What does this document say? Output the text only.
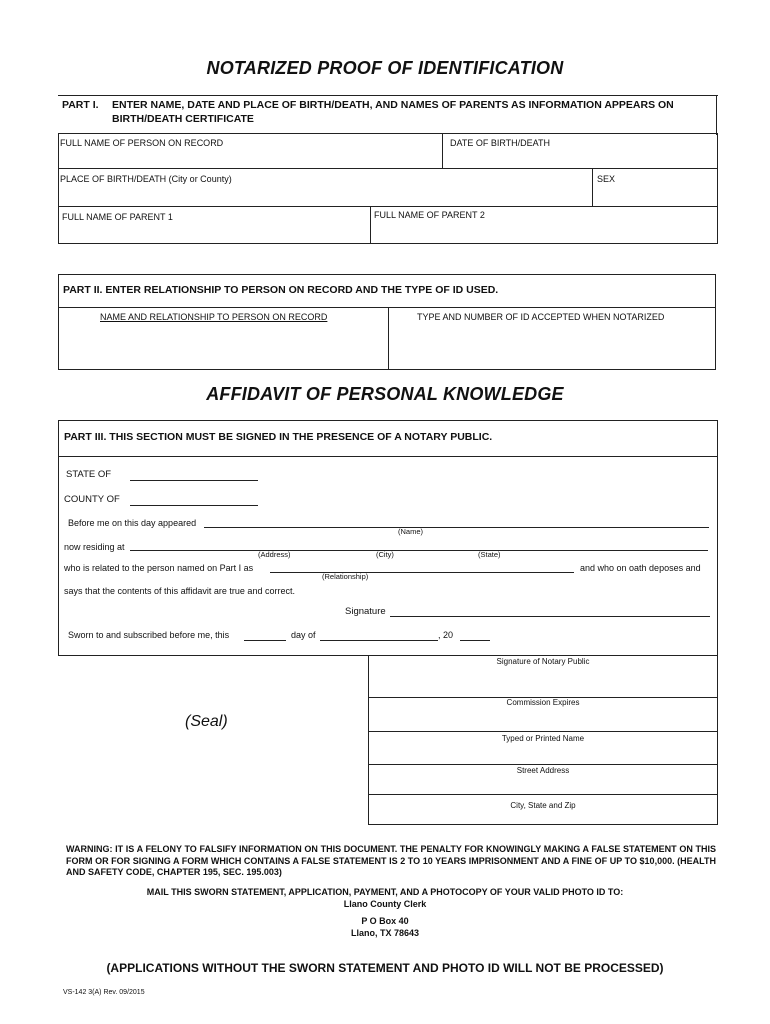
NOTARIZED PROOF OF IDENTIFICATION
PART I. ENTER NAME, DATE AND PLACE OF BIRTH/DEATH, AND NAMES OF PARENTS AS INFORMATION APPEARS ON
BIRTH/DEATH CERTIFICATE
FULL NAME OF PERSON ON RECORD	DATE OF BIRTH/DEATH
PLACE OF BIRTH/DEATH (City or County)	SEX
FULL NAME OF PARENT 1	FULL NAME OF PARENT 2
PART II. ENTER RELATIONSHIP TO PERSON ON RECORD AND THE TYPE OF ID USED.
NAME AND RELATIONSHIP TO PERSON ON RECORD	TYPE AND NUMBER OF ID ACCEPTED WHEN NOTARIZED
AFFIDAVIT OF PERSONAL KNOWLEDGE
PART III. THIS SECTION MUST BE SIGNED IN THE PRESENCE OF A NOTARY PUBLIC.
STATE OF
COUNTY OF
Before me on this day appeared
(Name)
now residing at
(Address)	(City)	(State)
who is related to the person named on Part I as
(Relationship)
and who on oath deposes and
says that the contents of this affidavit are true and correct.
Signature
Sworn to and subscribed before me, this	day of	, 20
(Seal)
Signature of Notary Public
Commission Expires
Typed or Printed Name
Street Address
City, State and Zip
WARNING: IT IS A FELONY TO FALSIFY INFORMATION ON THIS DOCUMENT. THE PENALTY FOR KNOWINGLY MAKING A FALSE STATEMENT ON THIS FORM OR FOR SIGNING A FORM WHICH CONTAINS A FALSE STATEMENT IS 2 TO 10 YEARS IMPRISONMENT AND A FINE OF UP TO $10,000. (HEALTH AND SAFETY CODE, CHAPTER 195, SEC. 195.003)
MAIL THIS SWORN STATEMENT, APPLICATION, PAYMENT, AND A PHOTOCOPY OF YOUR VALID PHOTO ID TO:
Llano County Clerk
P O Box 40
Llano, TX 78643
(APPLICATIONS WITHOUT THE SWORN STATEMENT AND PHOTO ID WILL NOT BE PROCESSED)
VS-142 3(A) Rev. 09/2015
